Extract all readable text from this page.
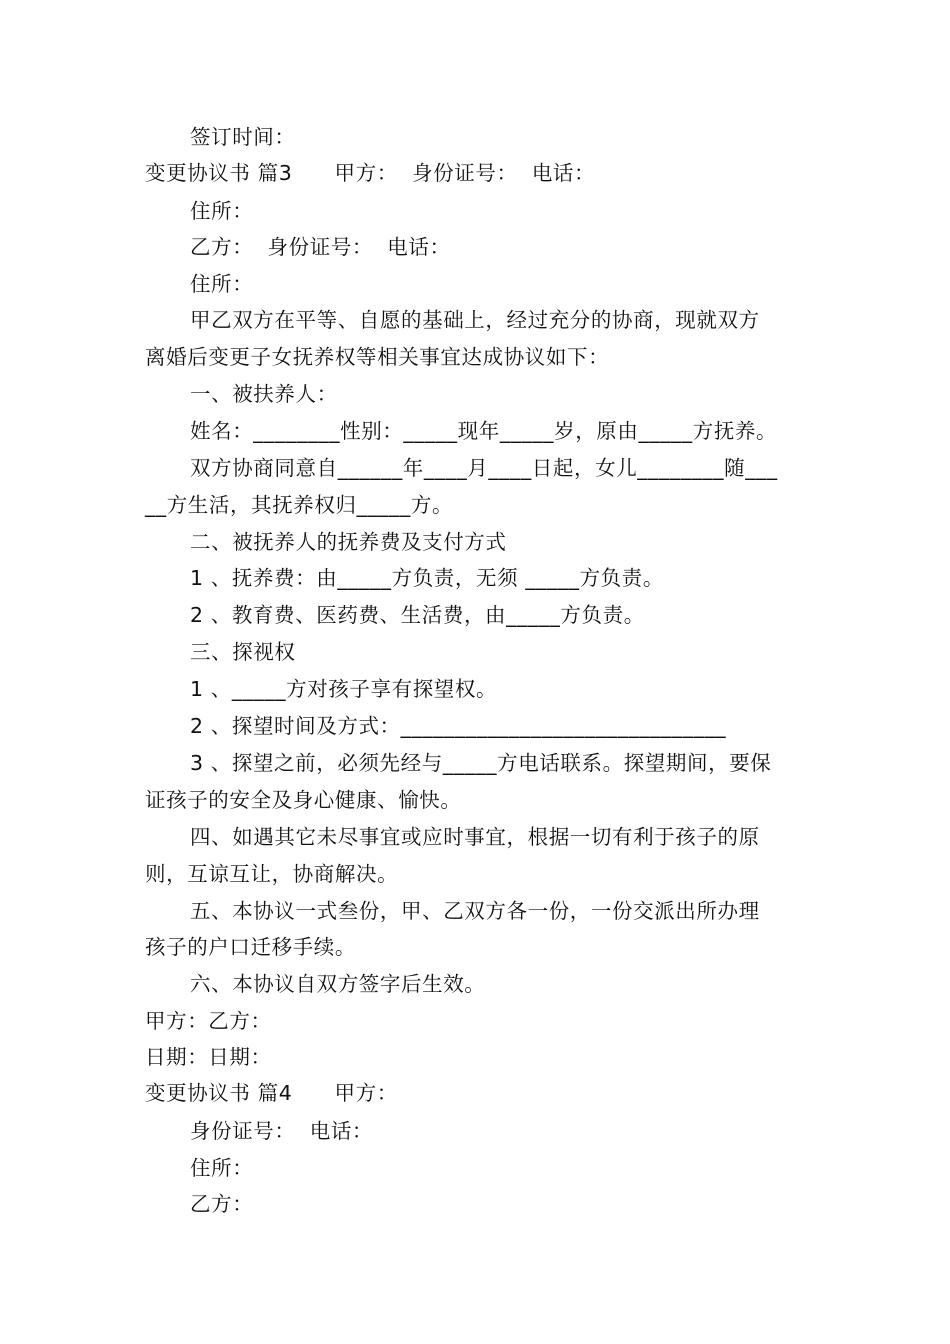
签订时间：
变更协议书 篇3　　甲方：  身份证号：  电话：
住所：
乙方：  身份证号：  电话：
住所：
甲乙双方在平等、自愿的基础上，经过充分的协商，现就双方
离婚后变更子女抚养权等相关事宜达成协议如下：
一、被扶养人：
姓名：________性别：_____现年_____岁，原由_____方抚养。
双方协商同意自______年____月____日起，女儿________随___
__方生活，其抚养权归_____方。
二、被抚养人的抚养费及支付方式
1 、抚养费：由_____方负责，无须 _____方负责。
2 、教育费、医药费、生活费，由_____方负责。
三、探视权
1 、_____方对孩子享有探望权。
2 、探望时间及方式：______________________________
3 、探望之前，必须先经与_____方电话联系。探望期间，要保
证孩子的安全及身心健康、愉快。
四、如遇其它未尽事宜或应时事宜，根据一切有利于孩子的原
则，互谅互让，协商解决。
五、本协议一式叁份，甲、乙双方各一份，一份交派出所办理
孩子的户口迁移手续。
六、本协议自双方签字后生效。
甲方：乙方：
日期：日期：
变更协议书 篇4　　甲方：
身份证号：  电话：
住所：
乙方：
